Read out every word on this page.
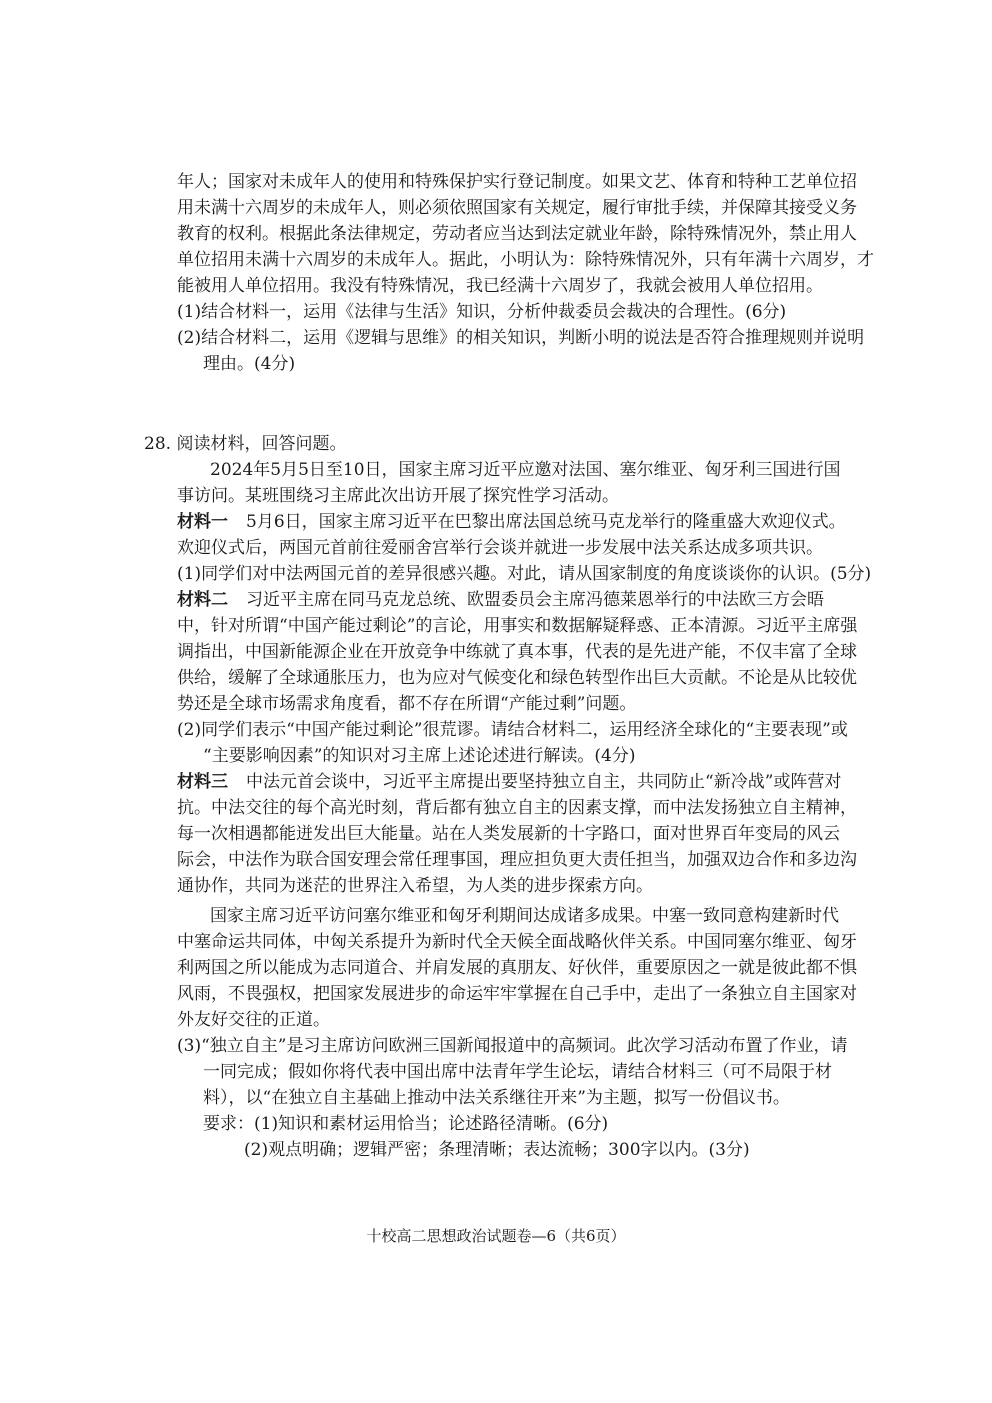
年人；国家对未成年人的使用和特殊保护实行登记制度。如果文艺、体育和特种工艺单位招
用未满十六周岁的未成年人，则必须依照国家有关规定，履行审批手续，并保障其接受义务
教育的权利。根据此条法律规定，劳动者应当达到法定就业年龄，除特殊情况外，禁止用人
单位招用未满十六周岁的未成年人。据此，小明认为：除特殊情况外，只有年满十六周岁，才
能被用人单位招用。我没有特殊情况，我已经满十六周岁了，我就会被用人单位招用。
(1)结合材料一，运用《法律与生活》知识，分析仲裁委员会裁决的合理性。(6分)
(2)结合材料二，运用《逻辑与思维》的相关知识，判断小明的说法是否符合推理规则并说明
理由。(4分)
28. 阅读材料，回答问题。
2024年5月5日至10日，国家主席习近平应邀对法国、塞尔维亚、匈牙利三国进行国
事访问。某班围绕习主席此次出访开展了探究性学习活动。
材料一 5月6日，国家主席习近平在巴黎出席法国总统马克龙举行的隆重盛大欢迎仪式。
欢迎仪式后，两国元首前往爱丽舍宫举行会谈并就进一步发展中法关系达成多项共识。
(1)同学们对中法两国元首的差异很感兴趣。对此，请从国家制度的角度谈谈你的认识。(5分)
材料二 习近平主席在同马克龙总统、欧盟委员会主席冯德莱恩举行的中法欧三方会晤
中，针对所谓“中国产能过剩论”的言论，用事实和数据解疑释惑、正本清源。习近平主席强
调指出，中国新能源企业在开放竞争中练就了真本事，代表的是先进产能，不仅丰富了全球
供给，缓解了全球通胀压力，也为应对气候变化和绿色转型作出巨大贡献。不论是从比较优
势还是全球市场需求角度看，都不存在所谓“产能过剩”问题。
(2)同学们表示“中国产能过剩论”很荒谬。请结合材料二，运用经济全球化的“主要表现”或
“主要影响因素”的知识对习主席上述论述进行解读。(4分)
材料三 中法元首会谈中，习近平主席提出要坚持独立自主，共同防止“新冷战”或阵营对
抗。中法交往的每个高光时刻，背后都有独立自主的因素支撑，而中法发扬独立自主精神，
每一次相遇都能迸发出巨大能量。站在人类发展新的十字路口，面对世界百年变局的风云
际会，中法作为联合国安理会常任理事国，理应担负更大责任担当，加强双边合作和多边沟
通协作，共同为迷茫的世界注入希望，为人类的进步探索方向。
国家主席习近平访问塞尔维亚和匈牙利期间达成诸多成果。中塞一致同意构建新时代
中塞命运共同体，中匈关系提升为新时代全天候全面战略伙伴关系。中国同塞尔维亚、匈牙
利两国之所以能成为志同道合、并肩发展的真朋友、好伙伴，重要原因之一就是彼此都不惧
风雨，不畏强权，把国家发展进步的命运牢牢掌握在自己手中，走出了一条独立自主国家对
外友好交往的正道。
(3)“独立自主”是习主席访问欧洲三国新闻报道中的高频词。此次学习活动布置了作业，请
一同完成；假如你将代表中国出席中法青年学生论坛，请结合材料三（可不局限于材
料），以“在独立自主基础上推动中法关系继往开来”为主题，拟写一份倡议书。
要求：(1)知识和素材运用恰当；论述路径清晰。(6分)
(2)观点明确；逻辑严密；条理清晰；表达流畅；300字以内。(3分)
十校高二思想政治试题卷—6（共6页）
